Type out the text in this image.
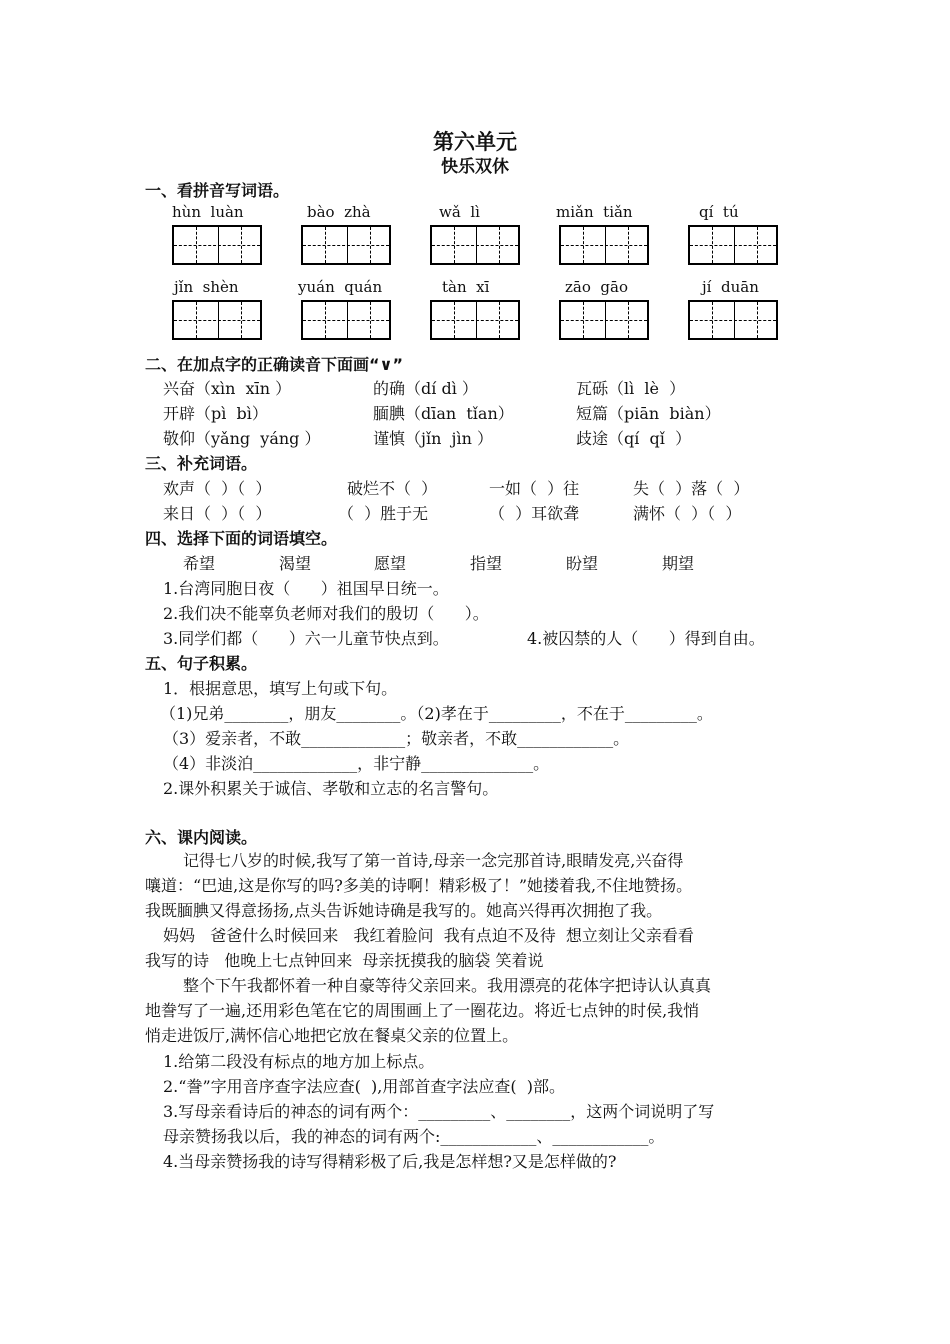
第六单元
快乐双休
一、看拼音写词语。
hùn  luàn	bào  zhà	wǎ  lì	miǎn  tiǎn	qí  tú
jǐn  shèn	yuán  quán	tàn  xī	zāo  gāo	jí  duān
二、在加点字的正确读音下面画“∨”
兴奋（xìn  xīn ）	的确（dí dì ）	瓦砾（lì  lè  ）
开辟（pì  bì）	腼腆（dīan  tǐan）	短篇（piān  biàn）
敬仰（yǎng  yáng ）	谨慎（jǐn  jìn ）	歧途（qí  qǐ  ）
三、补充词语。
欢声（  ）（  ）	破烂不（  ）	一如（  ）往	失（  ）落（  ）
来日（  ）（  ）	（  ）胜于无	（  ）耳欲聋	满怀（  ）（  ）
四、选择下面的词语填空。
希望	渴望	愿望	指望	盼望	期望
1.台湾同胞日夜（      ）祖国早日统一。
2.我们决不能辜负老师对我们的殷切（      ）。
3.同学们都（      ）六一儿童节快点到。	4.被囚禁的人（      ）得到自由。
五、句子积累。
1．根据意思，填写上句或下句。
（1)兄弟________，朋友________。（2)孝在于_________，不在于_________。
（3）爱亲者，不敢_____________；敬亲者，不敢____________。
（4）非淡泊_____________，非宁静______________。
2.课外积累关于诚信、孝敬和立志的名言警句。
六、课内阅读。
记得七八岁的时候,我写了第一首诗,母亲一念完那首诗,眼睛发亮,兴奋得
嚷道：“巴迪,这是你写的吗?多美的诗啊！精彩极了！”她搂着我,不住地赞扬。
我既腼腆又得意扬扬,点头告诉她诗确是我写的。她高兴得再次拥抱了我。
妈妈   爸爸什么时候回来   我红着脸问  我有点迫不及待  想立刻让父亲看看
我写的诗   他晚上七点钟回来  母亲抚摸我的脑袋 笑着说
整个下午我都怀着一种自豪等待父亲回来。我用漂亮的花体字把诗认认真真
地誊写了一遍,还用彩色笔在它的周围画上了一圈花边。将近七点钟的时侯,我悄
悄走进饭厅,满怀信心地把它放在餐桌父亲的位置上。
1.给第二段没有标点的地方加上标点。
2.“誊”字用音序查字法应查(  ),用部首查字法应查(  )部。
3.写母亲看诗后的神态的词有两个：_________、________，这两个词说明了写
母亲赞扬我以后，我的神态的词有两个:____________、____________。
4.当母亲赞扬我的诗写得精彩极了后,我是怎样想?又是怎样做的?
